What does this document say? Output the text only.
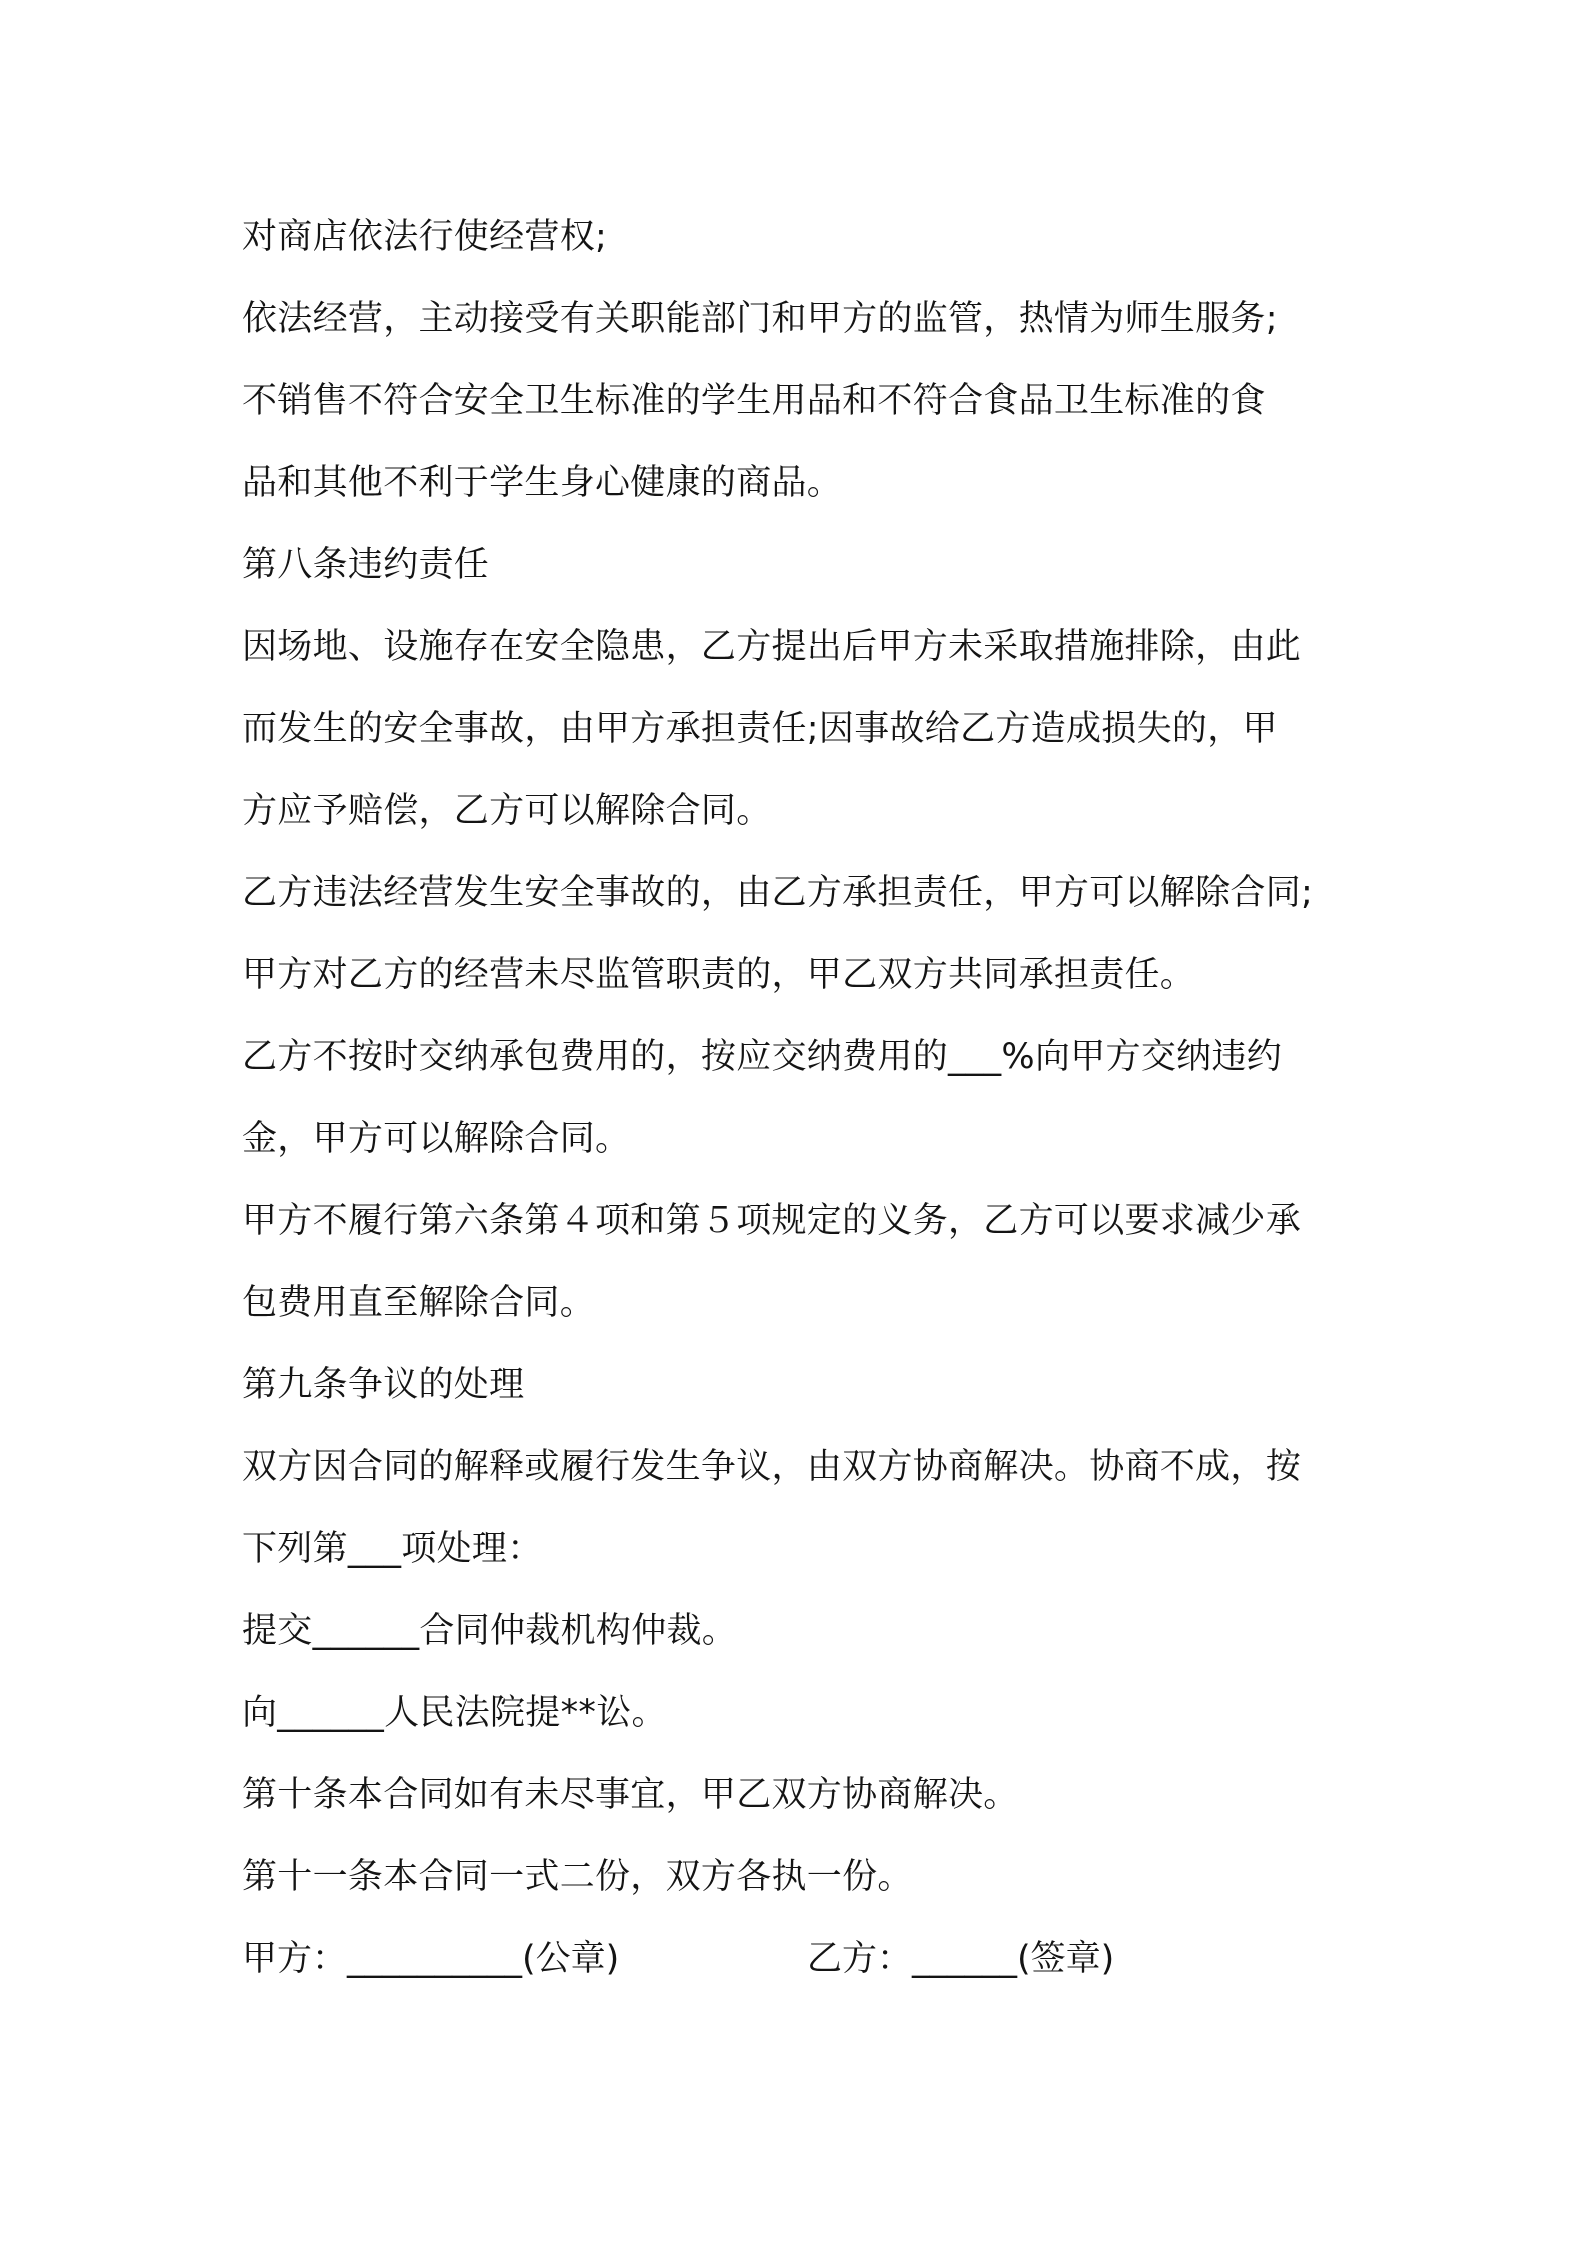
对商店依法行使经营权;
依法经营，主动接受有关职能部门和甲方的监管，热情为师生服务;
不销售不符合安全卫生标准的学生用品和不符合食品卫生标准的食
品和其他不利于学生身心健康的商品。
第八条违约责任
因场地、设施存在安全隐患，乙方提出后甲方未采取措施排除，由此
而发生的安全事故，由甲方承担责任;因事故给乙方造成损失的，甲
方应予赔偿，乙方可以解除合同。
乙方违法经营发生安全事故的，由乙方承担责任，甲方可以解除合同;
甲方对乙方的经营未尽监管职责的，甲乙双方共同承担责任。
乙方不按时交纳承包费用的，按应交纳费用的___%向甲方交纳违约
金，甲方可以解除合同。
甲方不履行第六条第４项和第５项规定的义务，乙方可以要求减少承
包费用直至解除合同。
第九条争议的处理
双方因合同的解释或履行发生争议，由双方协商解决。协商不成，按
下列第___项处理：
提交______合同仲裁机构仲裁。
向______人民法院提**讼。
第十条本合同如有未尽事宜，甲乙双方协商解决。
第十一条本合同一式二份，双方各执一份。
甲方：__________(公章)	乙方：______(签章)
